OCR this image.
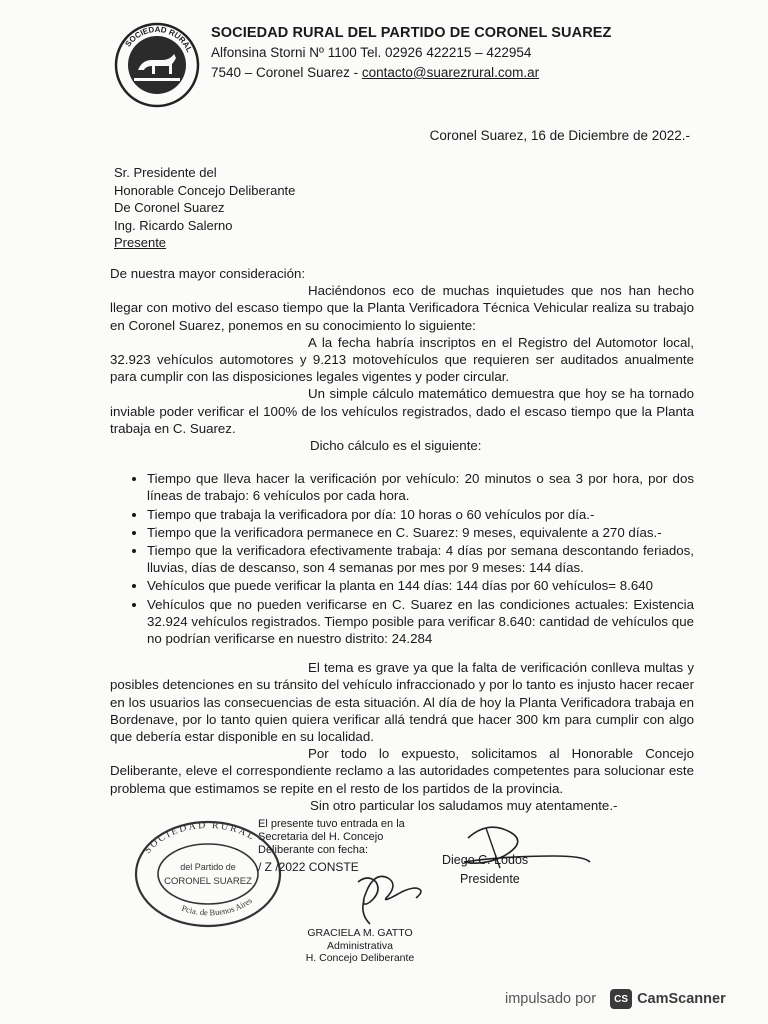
SOCIEDAD RURAL
SOCIEDAD RURAL DEL PARTIDO DE CORONEL SUAREZ
Alfonsina Storni Nº 1100 Tel. 02926 422215 – 422954
7540 – Coronel Suarez - contacto@suarezrural.com.ar
Coronel Suarez, 16 de Diciembre de 2022.-
Sr. Presidente del
Honorable Concejo Deliberante
De Coronel Suarez
Ing. Ricardo Salerno
Presente

De nuestra mayor consideración:

Haciéndonos eco de muchas inquietudes que nos han hecho llegar con motivo del escaso tiempo que la Planta Verificadora Técnica Vehicular realiza su trabajo en Coronel Suarez, ponemos en su conocimiento lo siguiente:

A la fecha habría inscriptos en el Registro del Automotor local, 32.923 vehículos automotores y 9.213 motovehículos que requieren ser auditados anualmente para cumplir con las disposiciones legales vigentes y poder circular.

Un simple cálculo matemático demuestra que hoy se ha tornado inviable poder verificar el 100% de los vehículos registrados, dado el escaso tiempo que la Planta trabaja en C. Suarez.

Dicho cálculo es el siguiente:

• Tiempo que lleva hacer la verificación por vehículo: 20 minutos o sea 3 por hora, por dos líneas de trabajo: 6 vehículos por cada hora.
• Tiempo que trabaja la verificadora por día: 10 horas o 60 vehículos por día.-
• Tiempo que la verificadora permanece en C. Suarez: 9 meses, equivalente a 270 días.-
• Tiempo que la verificadora efectivamente trabaja: 4 días por semana descontando feriados, lluvias, días de descanso, son 4 semanas por mes por 9 meses: 144 días.
• Vehículos que puede verificar la planta en 144 días: 144 días por 60 vehículos= 8.640
• Vehículos que no pueden verificarse en C. Suarez en las condiciones actuales: Existencia 32.924 vehículos registrados. Tiempo posible para verificar 8.640: cantidad de vehículos que no podrían verificarse en nuestro distrito: 24.284

El tema es grave ya que la falta de verificación conlleva multas y posibles detenciones en su tránsito del vehículo infraccionado y por lo tanto es injusto hacer recaer en los usuarios las consecuencias de esta situación. Al día de hoy la Planta Verificadora trabaja en Bordenave, por lo tanto quien quiera verificar allá tendrá que hacer 300 km para cumplir con algo que debería estar disponible en su localidad.

Por todo lo expuesto, solicitamos al Honorable Concejo Deliberante, eleve el correspondiente reclamo a las autoridades competentes para solucionar este problema que estimamos se repite en el resto de los partidos de la provincia.

Sin otro particular los saludamos muy atentamente.-

SOCIEDAD RURAL
Pcia. de Buenos Aires
del Partido de
CORONEL SUAREZ
El presente tuvo entrada en la
Secretaria del H. Concejo
Deliberante con fecha:
/ Z /2022 CONSTE	Diego C. Lodos
Presidente
GRACIELA M. GATTO
Administrativa
H. Concejo Deliberante
impulsado por	CS CamScanner
